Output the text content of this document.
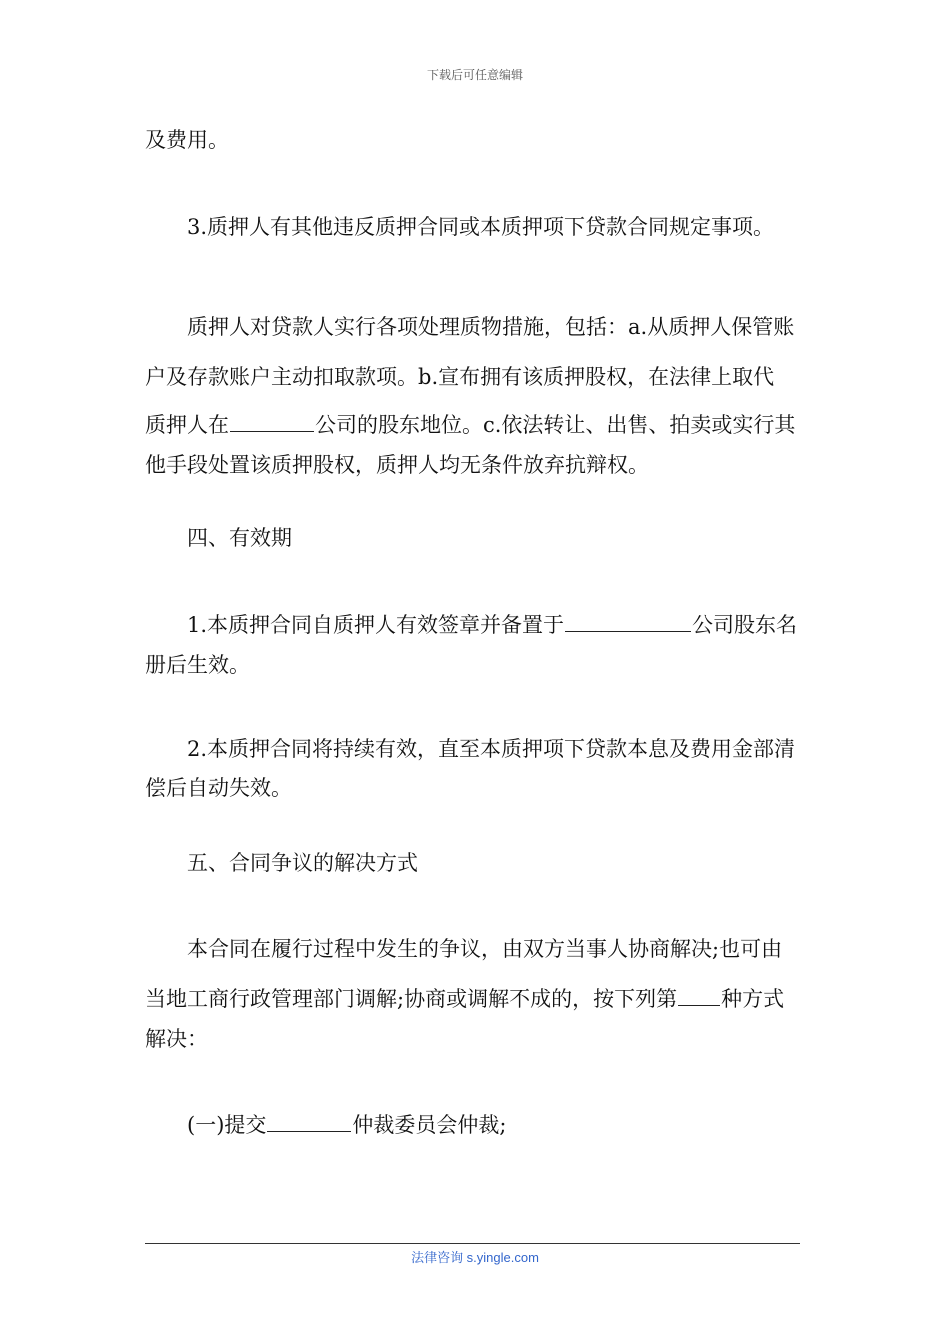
下载后可任意编辑

及费用。

3.质押人有其他违反质押合同或本质押项下贷款合同规定事项。

质押人对贷款人实行各项处理质物措施，包括：a.从质押人保管账

户及存款账户主动扣取款项。b.宣布拥有该质押股权，在法律上取代

质押人在	公司的股东地位。c.依法转让、出售、拍卖或实行其

他手段处置该质押股权，质押人均无条件放弃抗辩权。

四、有效期

1.本质押合同自质押人有效签章并备置于	公司股东名

册后生效。

2.本质押合同将持续有效，直至本质押项下贷款本息及费用金部清

偿后自动失效。

五、合同争议的解决方式

本合同在履行过程中发生的争议，由双方当事人协商解决;也可由

当地工商行政管理部门调解;协商或调解不成的，按下列第 种方式

解决：

(一)提交	仲裁委员会仲裁;

法律咨询 s.yingle.com
